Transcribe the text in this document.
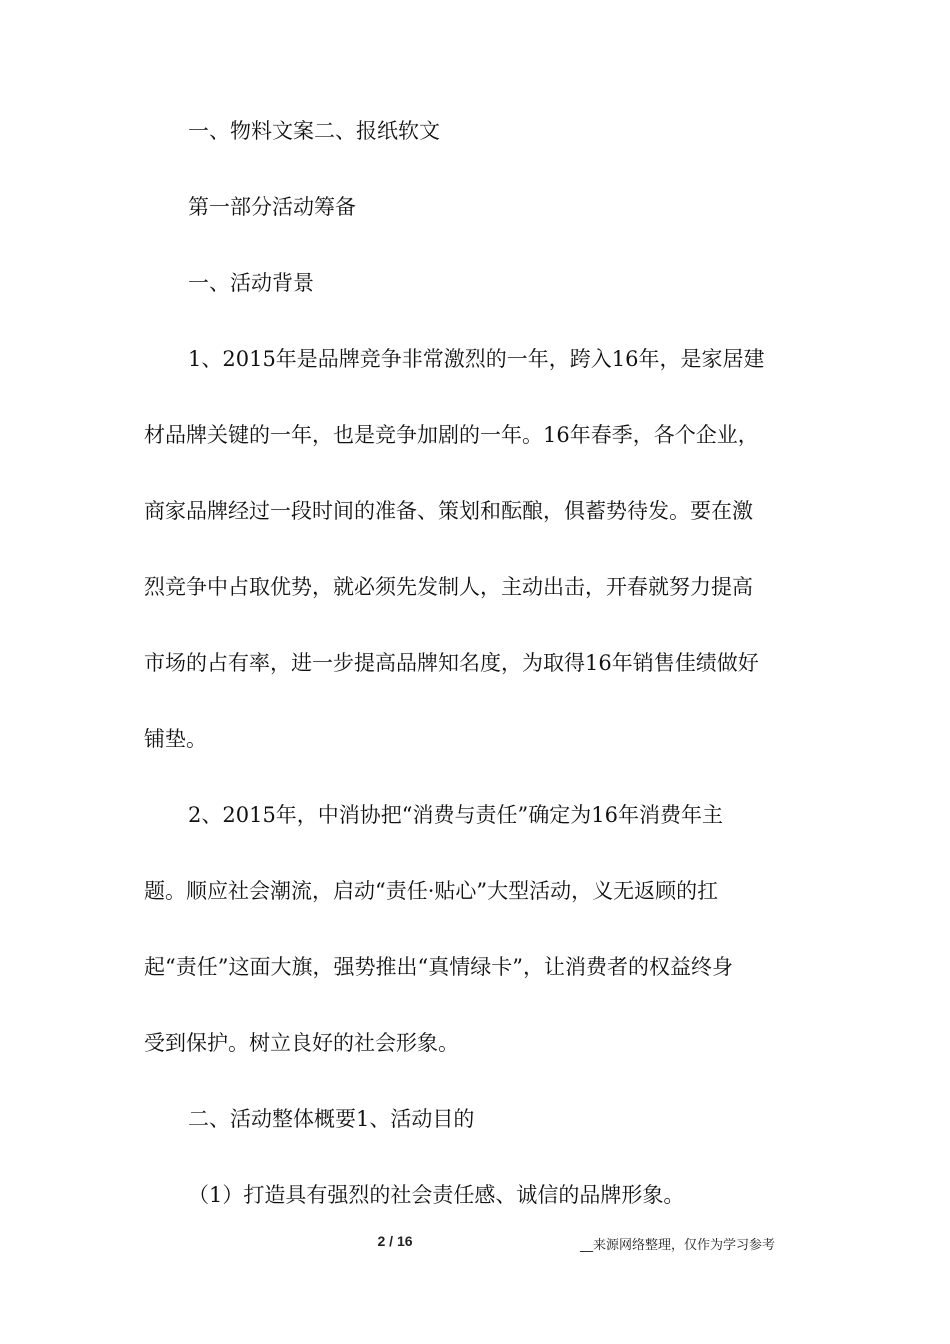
一、物料文案二、报纸软文

第一部分活动筹备

一、活动背景

1、2015年是品牌竞争非常激烈的一年，跨入16年，是家居建

材品牌关键的一年，也是竞争加剧的一年。16年春季，各个企业，

商家品牌经过一段时间的准备、策划和酝酿，俱蓄势待发。要在激

烈竞争中占取优势，就必须先发制人，主动出击，开春就努力提高

市场的占有率，进一步提高品牌知名度，为取得16年销售佳绩做好

铺垫。

2、2015年，中消协把“消费与责任”确定为16年消费年主

题。顺应社会潮流，启动“责任·贴心”大型活动，义无返顾的扛

起“责任”这面大旗，强势推出“真情绿卡”，让消费者的权益终身

受到保护。树立良好的社会形象。

二、活动整体概要1、活动目的

（1）打造具有强烈的社会责任感、诚信的品牌形象。

2 / 16	__来源网络整理，仅作为学习参考
